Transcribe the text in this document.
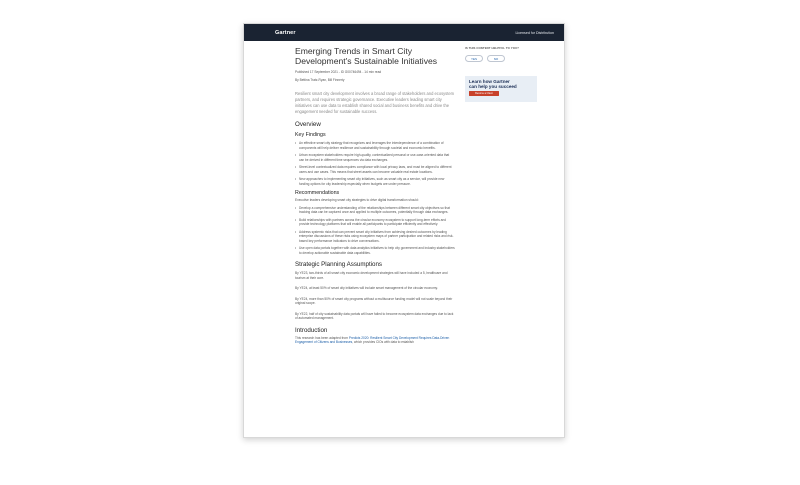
Gartner	Licensed for Distribution
Emerging Trends in Smart City
Development's Sustainable Initiatives
Published 17 September 2021 - ID G00746494 - 14 min read
By Bettina Tratz-Ryan, Bill Finnerty
Resilient smart city development involves a broad range of stakeholders and ecosystem partners, and requires strategic governance. Executive leaders leading smart city initiatives can use data to establish shared social and business benefits and drive the engagement needed for sustainable success.
Overview
Key Findings
• An effective smart city strategy that recognizes and leverages the interdependence of a combination of components will help deliver resilience and sustainability through societal and economic benefits.
• Urban ecosystem stakeholders require high-quality, contextualized personal or use-case-oriented data that can be derived in different time sequences via data exchanges.
• Street-level contextualized data requires compliance with local privacy laws, and must be aligned to different users and use cases. This means that street assets can become valuable real estate locations.
• New approaches to implementing smart city initiatives, such as smart city as a service, will provide new funding options for city leadership especially when budgets are under pressure.
Recommendations

Executive leaders developing smart city strategies to drive digital transformation should:

• Develop a comprehensive understanding of the relationships between different smart city objectives so that tracking data can be captured once and applied to multiple outcomes, potentially through data exchanges.
• Build relationships with partners across the circular economy ecosystem to support long-term efforts and provide technology platforms that will enable all participants to participate efficiently and effectively.
• Address systemic risks that can prevent smart city initiatives from achieving desired outcomes by leading enterprise discussions of these risks using ecosystem maps of partner participation and related risks and risk-based key performance indicators to drive conversations.
• Use open data portals together with data analytics initiatives to help city government and industry stakeholders to develop actionable sustainable data capabilities.
Strategic Planning Assumptions

By YE23, two-thirds of all smart city economic development strategies will have included a 5, healthcare and tourism at their core.

By YE24, at least 50% of smart city initiatives will include smart management of the circular economy.

By YE24, more than 50% of smart city programs without a multisource funding model will not scale beyond their original scope.

By YE22, half of city sustainability data portals will have failed to become ecosystem data exchanges due to lack of automated management.

Introduction

This research has been adapted from Predicts 2020: Resilient Smart City Development Requires Data-Driven Engagement of Citizens and Businesses, which provides CIOs with data to establish

IS THIS CONTENT HELPFUL TO YOU?
YES	NO
Learn how Gartner
can help you succeed
Become a Client
